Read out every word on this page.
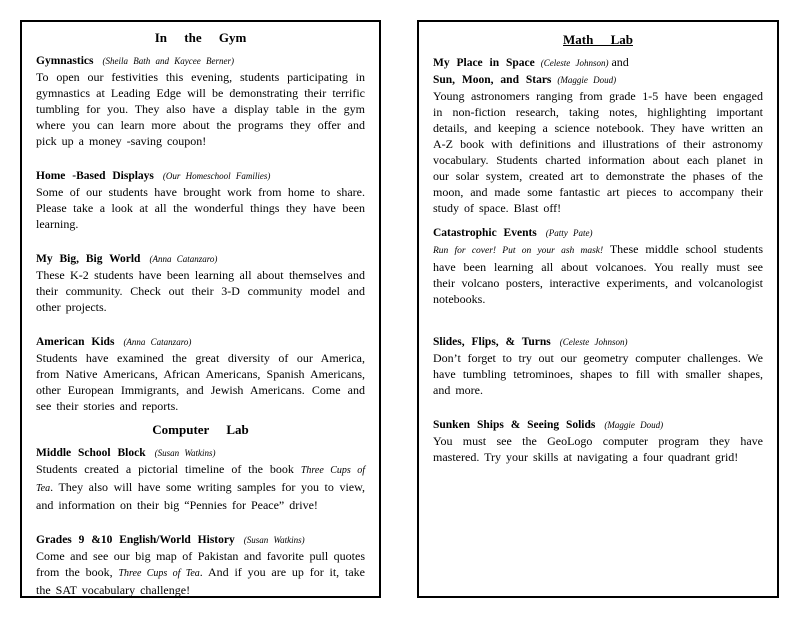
In the Gym
Gymnastics (Sheila Bath and Kaycee Berner)
To open our festivities this evening, students participating in gymnastics at Leading Edge will be demonstrating their terrific tumbling for you. They also have a display table in the gym where you can learn more about the programs they offer and pick up a money -saving coupon!
Home -Based Displays (Our Homeschool Families)
Some of our students have brought work from home to share. Please take a look at all the wonderful things they have been learning.
My Big, Big World (Anna Catanzaro)
These K-2 students have been learning all about themselves and their community. Check out their 3-D community model and other projects.
American Kids (Anna Catanzaro)
Students have examined the great diversity of our America, from Native Americans, African Americans, Spanish Americans, other European Immigrants, and Jewish Americans. Come and see their stories and reports.
Computer Lab
Middle School Block (Susan Watkins)
Students created a pictorial timeline of the book Three Cups of Tea. They also will have some writing samples for you to view, and information on their big “Pennies for Peace” drive!
Grades 9 &10 English/World History (Susan Watkins)
Come and see our big map of Pakistan and favorite pull quotes from the book, Three Cups of Tea. And if you are up for it, take the SAT vocabulary challenge!
Math Lab
My Place in Space (Celeste Johnson) and
Sun, Moon, and Stars (Maggie Doud)
Young astronomers ranging from grade 1-5 have been engaged in non-fiction research, taking notes, highlighting important details, and keeping a science notebook. They have written an A-Z book with definitions and illustrations of their astronomy vocabulary. Students charted information about each planet in our solar system, created art to demonstrate the phases of the moon, and made some fantastic art pieces to accompany their study of space. Blast off!
Catastrophic Events (Patty Pate)
Run for cover! Put on your ash mask! These middle school students have been learning all about volcanoes. You really must see their volcano posters, interactive experiments, and volcanologist notebooks.
Slides, Flips, & Turns (Celeste Johnson)
Don’t forget to try out our geometry computer challenges. We have tumbling tetrominoes, shapes to fill with smaller shapes, and more.
Sunken Ships & Seeing Solids (Maggie Doud)
You must see the GeoLogo computer program they have mastered. Try your skills at navigating a four quadrant grid!
